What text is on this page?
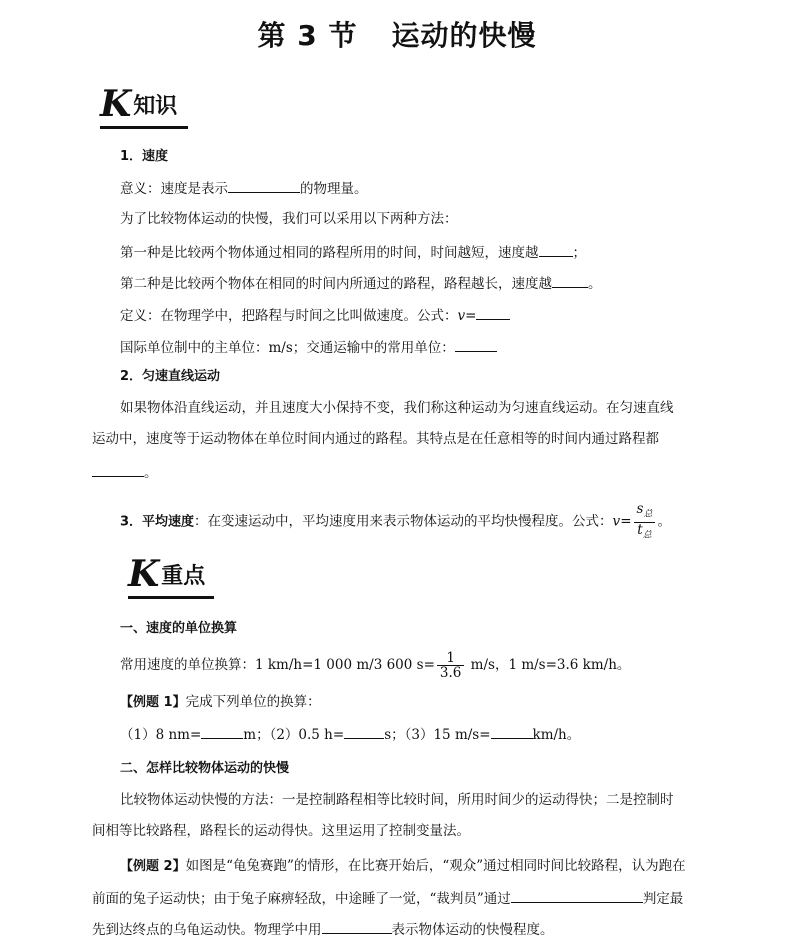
第 3 节 运动的快慢
K知识
1．速度
意义：速度是表示	的物理量。
为了比较物体运动的快慢，我们可以采用以下两种方法：
第一种是比较两个物体通过相同的路程所用的时间，时间越短，速度越	；
第二种是比较两个物体在相同的时间内所通过的路程，路程越长，速度越	。
定义：在物理学中，把路程与时间之比叫做速度。公式：v=
国际单位制中的主单位：m/s；交通运输中的常用单位：
2．匀速直线运动
如果物体沿直线运动，并且速度大小保持不变，我们称这种运动为匀速直线运动。在匀速直线
运动中，速度等于运动物体在单位时间内通过的路程。其特点是在任意相等的时间内通过路程都
。
3．平均速度：在变速运动中，平均速度用来表示物体运动的平均快慢程度。公式：$v= \frac{s_总}{t_总}$ 。
K重点
一、速度的单位换算
常用速度的单位换算：1 km/h=1 000 m/3 600 $s= \frac{1}{3.6} m/s$，1 m/s=3.6 km/h。
【例题 1】完成下列单位的换算：
（1）8 nm=	m；（2）0.5 h=	s；（3）15 m/s=	km/h。
二、怎样比较物体运动的快慢
比较物体运动快慢的方法：一是控制路程相等比较时间，所用时间少的运动得快；二是控制时
间相等比较路程，路程长的运动得快。这里运用了控制变量法。
【例题 2】如图是“龟兔赛跑”的情形，在比赛开始后，“观众”通过相同时间比较路程，认为跑在
前面的兔子运动快；由于兔子麻痹轻敌，中途睡了一觉，“裁判员”通过	判定最
先到达终点的乌龟运动快。物理学中用	表示物体运动的快慢程度。
